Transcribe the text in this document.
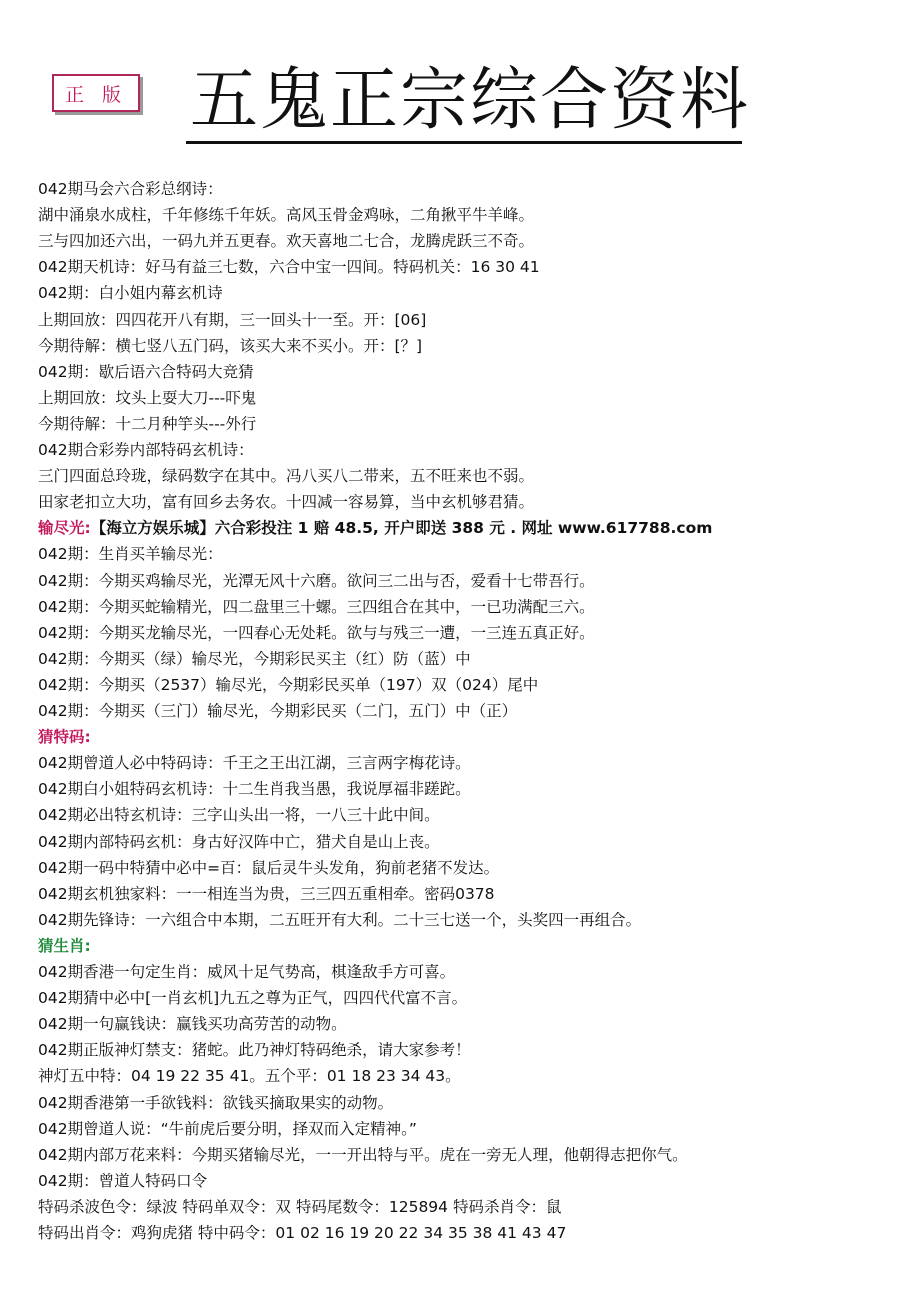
正 版 五鬼正宗综合资料
042期马会六合彩总纲诗：
湖中涌泉水成柱，千年修练千年妖。高风玉骨金鸡咏，二角揪平牛羊峰。
三与四加还六出，一码九并五更春。欢天喜地二七合，龙腾虎跃三不奇。
042期天机诗：好马有益三七数，六合中宝一四间。特码机关：16 30 41
042期：白小姐内幕玄机诗
上期回放：四四花开八有期，三一回头十一至。开：[06]
今期待解：横七竖八五门码，该买大来不买小。开：[？]
042期：歇后语六合特码大竞猜
上期回放：坟头上耍大刀---吓鬼
今期待解：十二月种竽头---外行
042期合彩券内部特码玄机诗：
三门四面总玲珑，绿码数字在其中。冯八买八二带来，五不旺来也不弱。
田家老扣立大功，富有回乡去务农。十四减一容易算，当中玄机够君猜。
输尽光:【海立方娱乐城】六合彩投注 1 赔 48.5, 开户即送 388 元 . 网址 www.617788.com
042期：生肖买羊输尽光：
042期：今期买鸡输尽光，光潭无风十六磨。欲问三二出与否，爱看十七带吾行。
042期：今期买蛇输精光，四二盘里三十螺。三四组合在其中，一已功满配三六。
042期：今期买龙输尽光，一四春心无处耗。欲与与残三一遭，一三连五真正好。
042期：今期买（绿）输尽光，今期彩民买主（红）防（蓝）中
042期：今期买（2537）输尽光，今期彩民买单（197）双（024）尾中
042期：今期买（三门）输尽光，今期彩民买（二门，五门）中（正）
猜特码:
042期曾道人必中特码诗：千王之王出江湖，三言两字梅花诗。
042期白小姐特码玄机诗：十二生肖我当愚，我说厚福非蹉跎。
042期必出特玄机诗：三字山头出一将，一八三十此中间。
042期内部特码玄机：身古好汉阵中亡，猎犬自是山上丧。
042期一码中特猜中必中=百：鼠后灵牛头发角，狗前老猪不发达。
042期玄机独家料：一一相连当为贵，三三四五重相牵。密码0378
042期先锋诗：一六组合中本期，二五旺开有大利。二十三七送一个，头奖四一再组合。
猜生肖:
042期香港一句定生肖：威风十足气势高，棋逢敌手方可喜。
042期猜中必中[一肖玄机]九五之尊为正气，四四代代富不言。
042期一句赢钱诀：赢钱买功高劳苦的动物。
042期正版神灯禁支：猪蛇。此乃神灯特码绝杀，请大家参考！
神灯五中特：04 19 22 35 41。五个平：01 18 23 34 43。
042期香港第一手欲钱料：欲钱买摘取果实的动物。
042期曾道人说：“牛前虎后要分明，择双而入定精神。”
042期内部万花来料：今期买猪输尽光，一一开出特与平。虎在一旁无人理，他朝得志把你气。
042期：曾道人特码口令
特码杀波色令：绿波 特码单双令：双 特码尾数令：125894 特码杀肖令：鼠
特码出肖令：鸡狗虎猪 特中码令：01 02 16 19 20 22 34 35 38 41 43 47
